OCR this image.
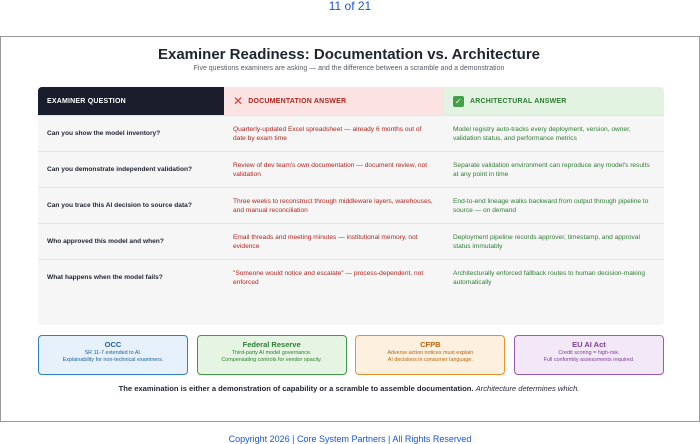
11 of 21
Examiner Readiness: Documentation vs. Architecture
Five questions examiners are asking — and the difference between a scramble and a demonstration
EXAMINER QUESTION	✕ DOCUMENTATION ANSWER	✓ ARCHITECTURAL ANSWER
Can you show the model inventory?
Quarterly-updated Excel spreadsheet — already 6 months out of date by exam time
Model registry auto-tracks every deployment, version, owner, validation status, and performance metrics
Can you demonstrate independent validation?
Review of dev team's own documentation — document review, not validation
Separate validation environment can reproduce any model's results at any point in time
Can you trace this AI decision to source data?
Three weeks to reconstruct through middleware layers, warehouses, and manual reconciliation
End-to-end lineage walks backward from output through pipeline to source — on demand
Who approved this model and when?
Email threads and meeting minutes — institutional memory, not evidence
Deployment pipeline records approver, timestamp, and approval status immutably
What happens when the model fails?
"Someone would notice and escalate" — process-dependent, not enforced
Architecturally enforced fallback routes to human decision-making automatically
OCC
SR 11-7 extended to AI.
Explainability for non-technical examiners.
Federal Reserve
Third-party AI model governance.
Compensating controls for vendor opacity.
CFPB
Adverse action notices must explain
AI decisions in consumer language.
EU AI Act
Credit scoring = high-risk.
Full conformity assessments required.
The examination is either a demonstration of capability or a scramble to assemble documentation. Architecture determines which.
Copyright 2026 | Core System Partners | All Rights Reserved
